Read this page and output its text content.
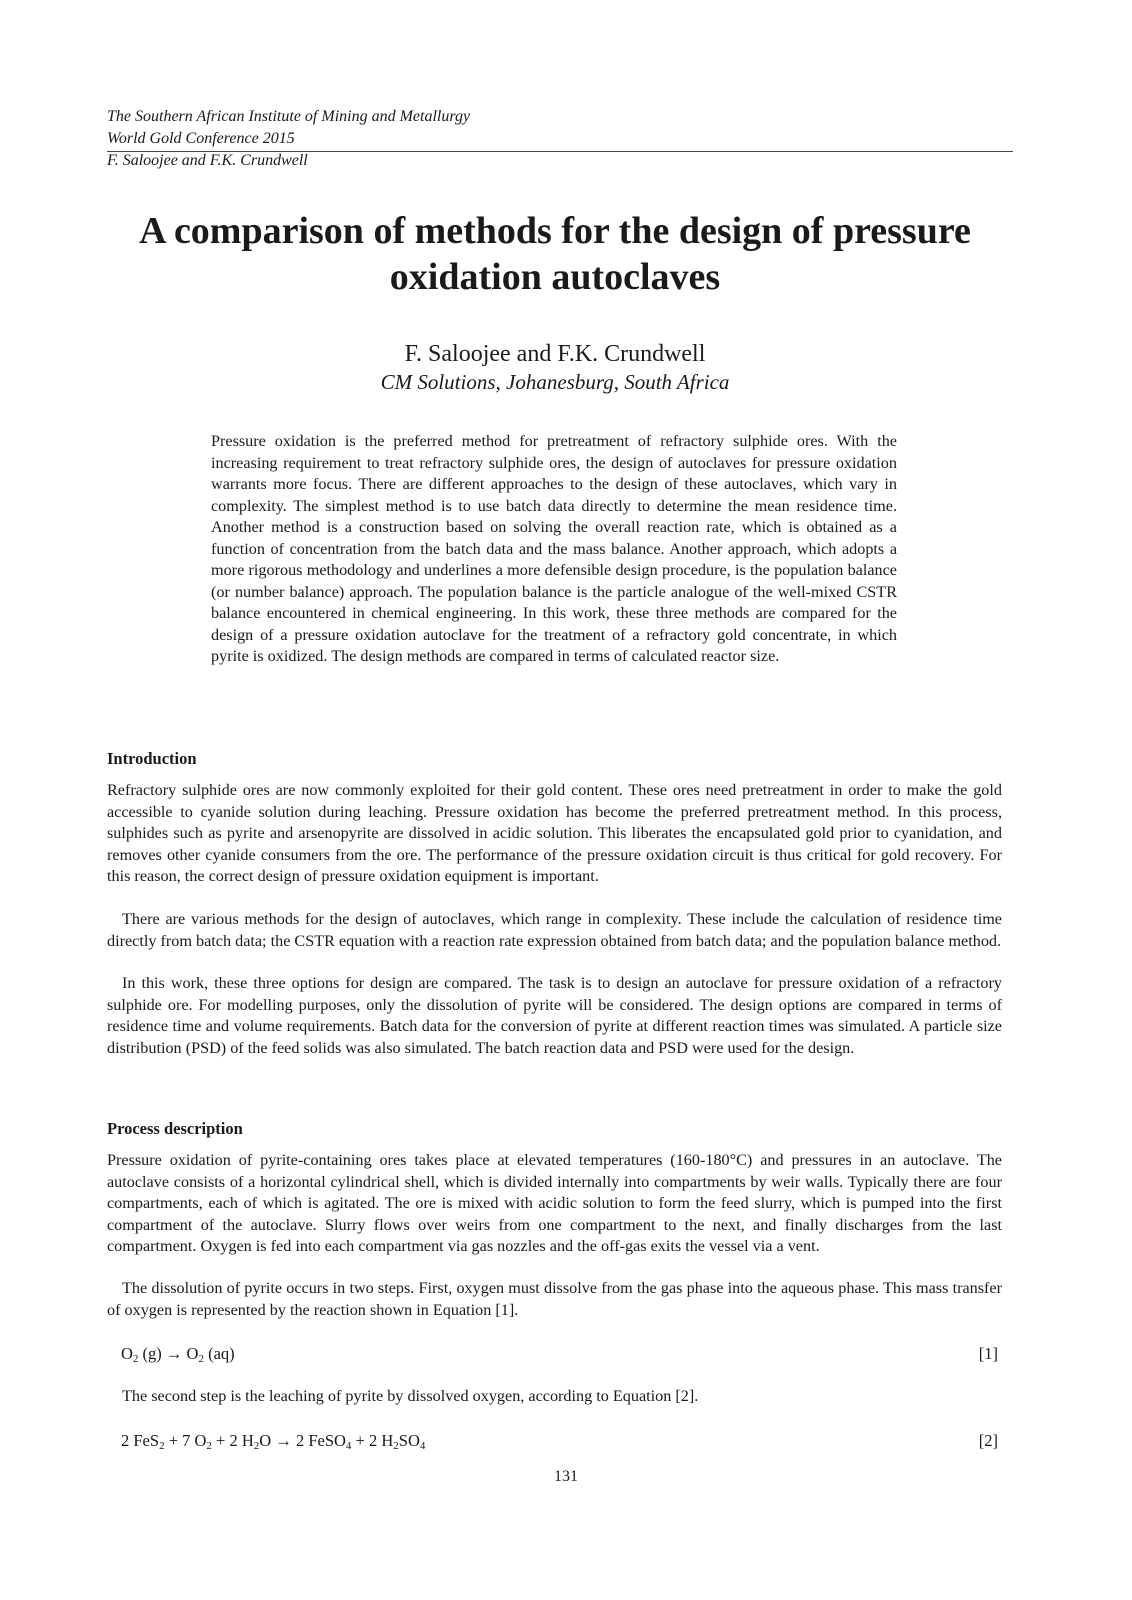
The Southern African Institute of Mining and Metallurgy
World Gold Conference 2015
F. Saloojee and F.K. Crundwell
A comparison of methods for the design of pressure oxidation autoclaves
F. Saloojee and F.K. Crundwell
CM Solutions, Johanesburg, South Africa

Pressure oxidation is the preferred method for pretreatment of refractory sulphide ores. With the increasing requirement to treat refractory sulphide ores, the design of autoclaves for pressure oxidation warrants more focus. There are different approaches to the design of these autoclaves, which vary in complexity. The simplest method is to use batch data directly to determine the mean residence time. Another method is a construction based on solving the overall reaction rate, which is obtained as a function of concentration from the batch data and the mass balance. Another approach, which adopts a more rigorous methodology and underlines a more defensible design procedure, is the population balance (or number balance) approach. The population balance is the particle analogue of the well-mixed CSTR balance encountered in chemical engineering. In this work, these three methods are compared for the design of a pressure oxidation autoclave for the treatment of a refractory gold concentrate, in which pyrite is oxidized. The design methods are compared in terms of calculated reactor size.

Introduction

Refractory sulphide ores are now commonly exploited for their gold content. These ores need pretreatment in order to make the gold accessible to cyanide solution during leaching. Pressure oxidation has become the preferred pretreatment method. In this process, sulphides such as pyrite and arsenopyrite are dissolved in acidic solution. This liberates the encapsulated gold prior to cyanidation, and removes other cyanide consumers from the ore. The performance of the pressure oxidation circuit is thus critical for gold recovery. For this reason, the correct design of pressure oxidation equipment is important.

There are various methods for the design of autoclaves, which range in complexity. These include the calculation of residence time directly from batch data; the CSTR equation with a reaction rate expression obtained from batch data; and the population balance method.

In this work, these three options for design are compared. The task is to design an autoclave for pressure oxidation of a refractory sulphide ore. For modelling purposes, only the dissolution of pyrite will be considered. The design options are compared in terms of residence time and volume requirements. Batch data for the conversion of pyrite at different reaction times was simulated. A particle size distribution (PSD) of the feed solids was also simulated. The batch reaction data and PSD were used for the design.

Process description

Pressure oxidation of pyrite-containing ores takes place at elevated temperatures (160-180°C) and pressures in an autoclave. The autoclave consists of a horizontal cylindrical shell, which is divided internally into compartments by weir walls. Typically there are four compartments, each of which is agitated. The ore is mixed with acidic solution to form the feed slurry, which is pumped into the first compartment of the autoclave. Slurry flows over weirs from one compartment to the next, and finally discharges from the last compartment. Oxygen is fed into each compartment via gas nozzles and the off-gas exits the vessel via a vent.

The dissolution of pyrite occurs in two steps. First, oxygen must dissolve from the gas phase into the aqueous phase. This mass transfer of oxygen is represented by the reaction shown in Equation [1].

$O_2$ $(g) \to O_2$ (aq)	[1]

The second step is the leaching of pyrite by dissolved oxygen, according to Equation [2].

2 FeS$_2$ + 7 $O_2 + 2$ $H_2O \to 2$ FeSO$_4$ + 2 $H_2SO_4$	[2]
131
